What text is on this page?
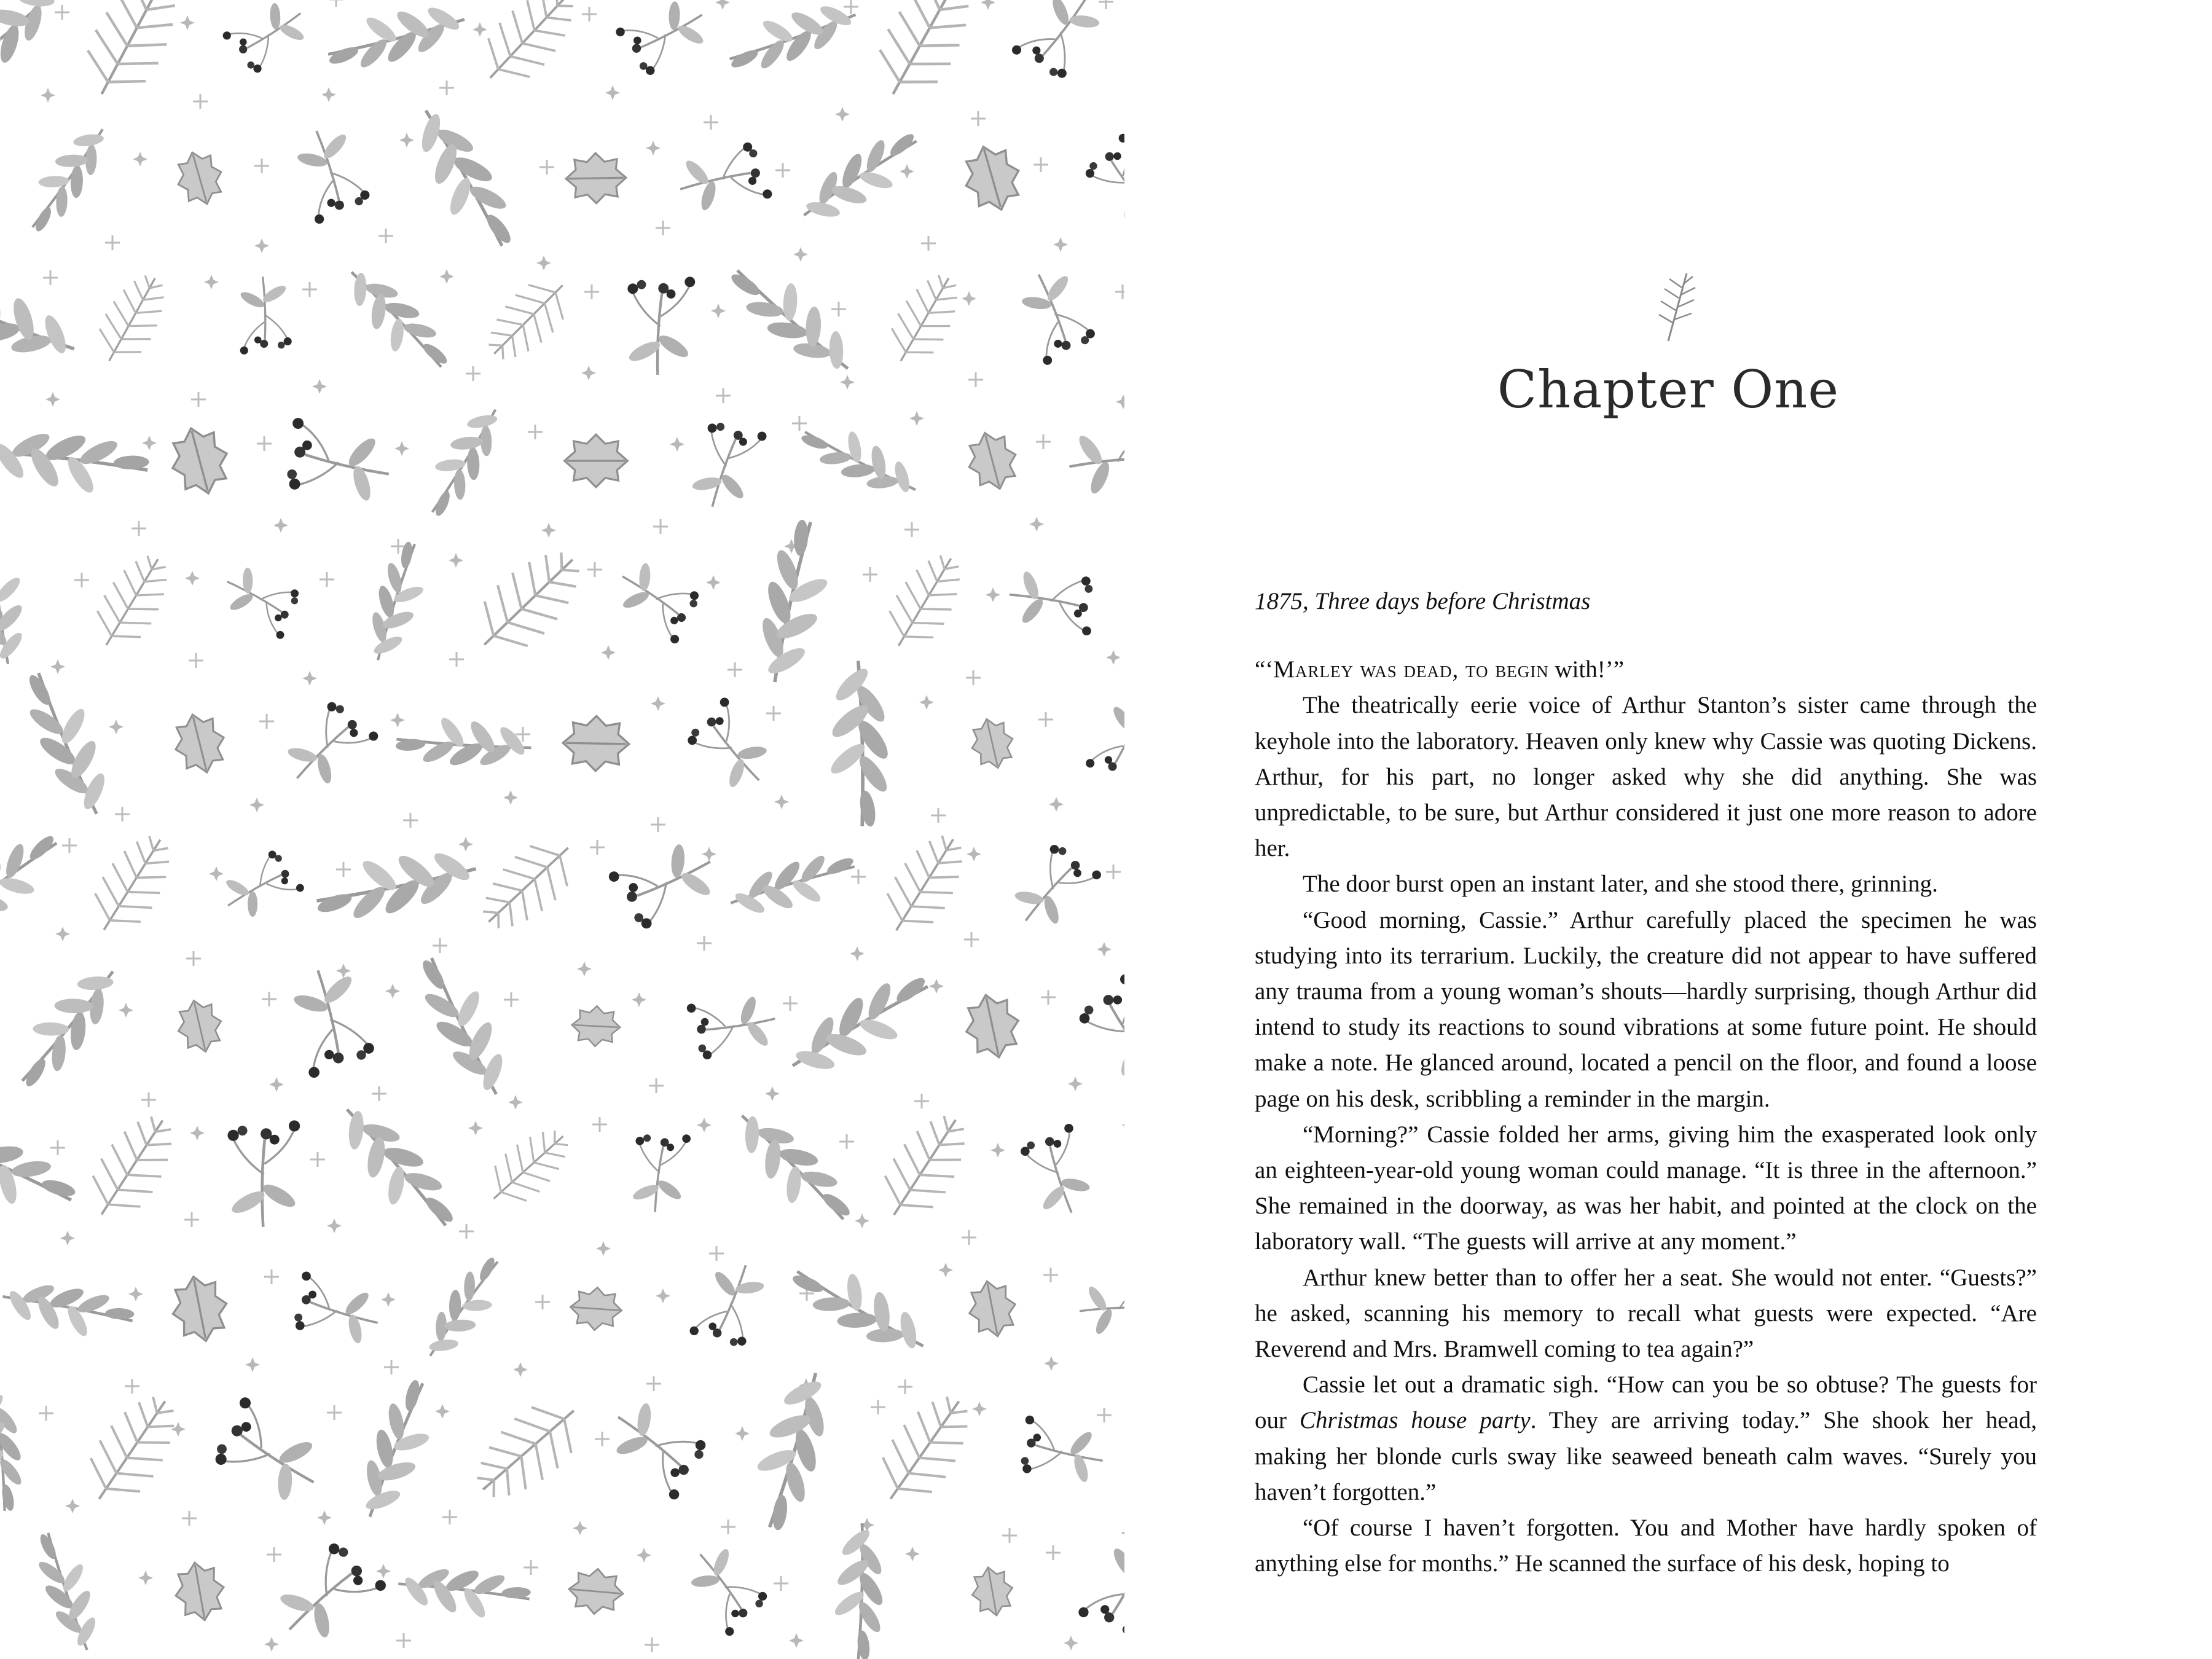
Chapter One

1875, Three days before Christmas

“‘Marley was dead, to begin with!’”

The theatrically eerie voice of Arthur Stanton’s sister came through the keyhole into the laboratory. Heaven only knew why Cassie was quoting Dickens. Arthur, for his part, no longer asked why she did anything. She was unpredictable, to be sure, but Arthur considered it just one more reason to adore her.

The door burst open an instant later, and she stood there, grinning.

“Good morning, Cassie.” Arthur carefully placed the specimen he was studying into its terrarium. Luckily, the creature did not appear to have suffered any trauma from a young woman’s shouts—hardly surprising, though Arthur did intend to study its reactions to sound vibrations at some future point. He should make a note. He glanced around, located a pencil on the floor, and found a loose page on his desk, scribbling a reminder in the margin.

“Morning?” Cassie folded her arms, giving him the exasperated look only an eighteen-year-old young woman could manage. “It is three in the afternoon.” She remained in the doorway, as was her habit, and pointed at the clock on the laboratory wall. “The guests will arrive at any moment.”

Arthur knew better than to offer her a seat. She would not enter. “Guests?” he asked, scanning his memory to recall what guests were expected. “Are Reverend and Mrs. Bramwell coming to tea again?”

Cassie let out a dramatic sigh. “How can you be so obtuse? The guests for our Christmas house party. They are arriving today.” She shook her head, making her blonde curls sway like seaweed beneath calm waves. “Surely you haven’t forgotten.”

“Of course I haven’t forgotten. You and Mother have hardly spoken of anything else for months.” He scanned the surface of his desk, hoping to
